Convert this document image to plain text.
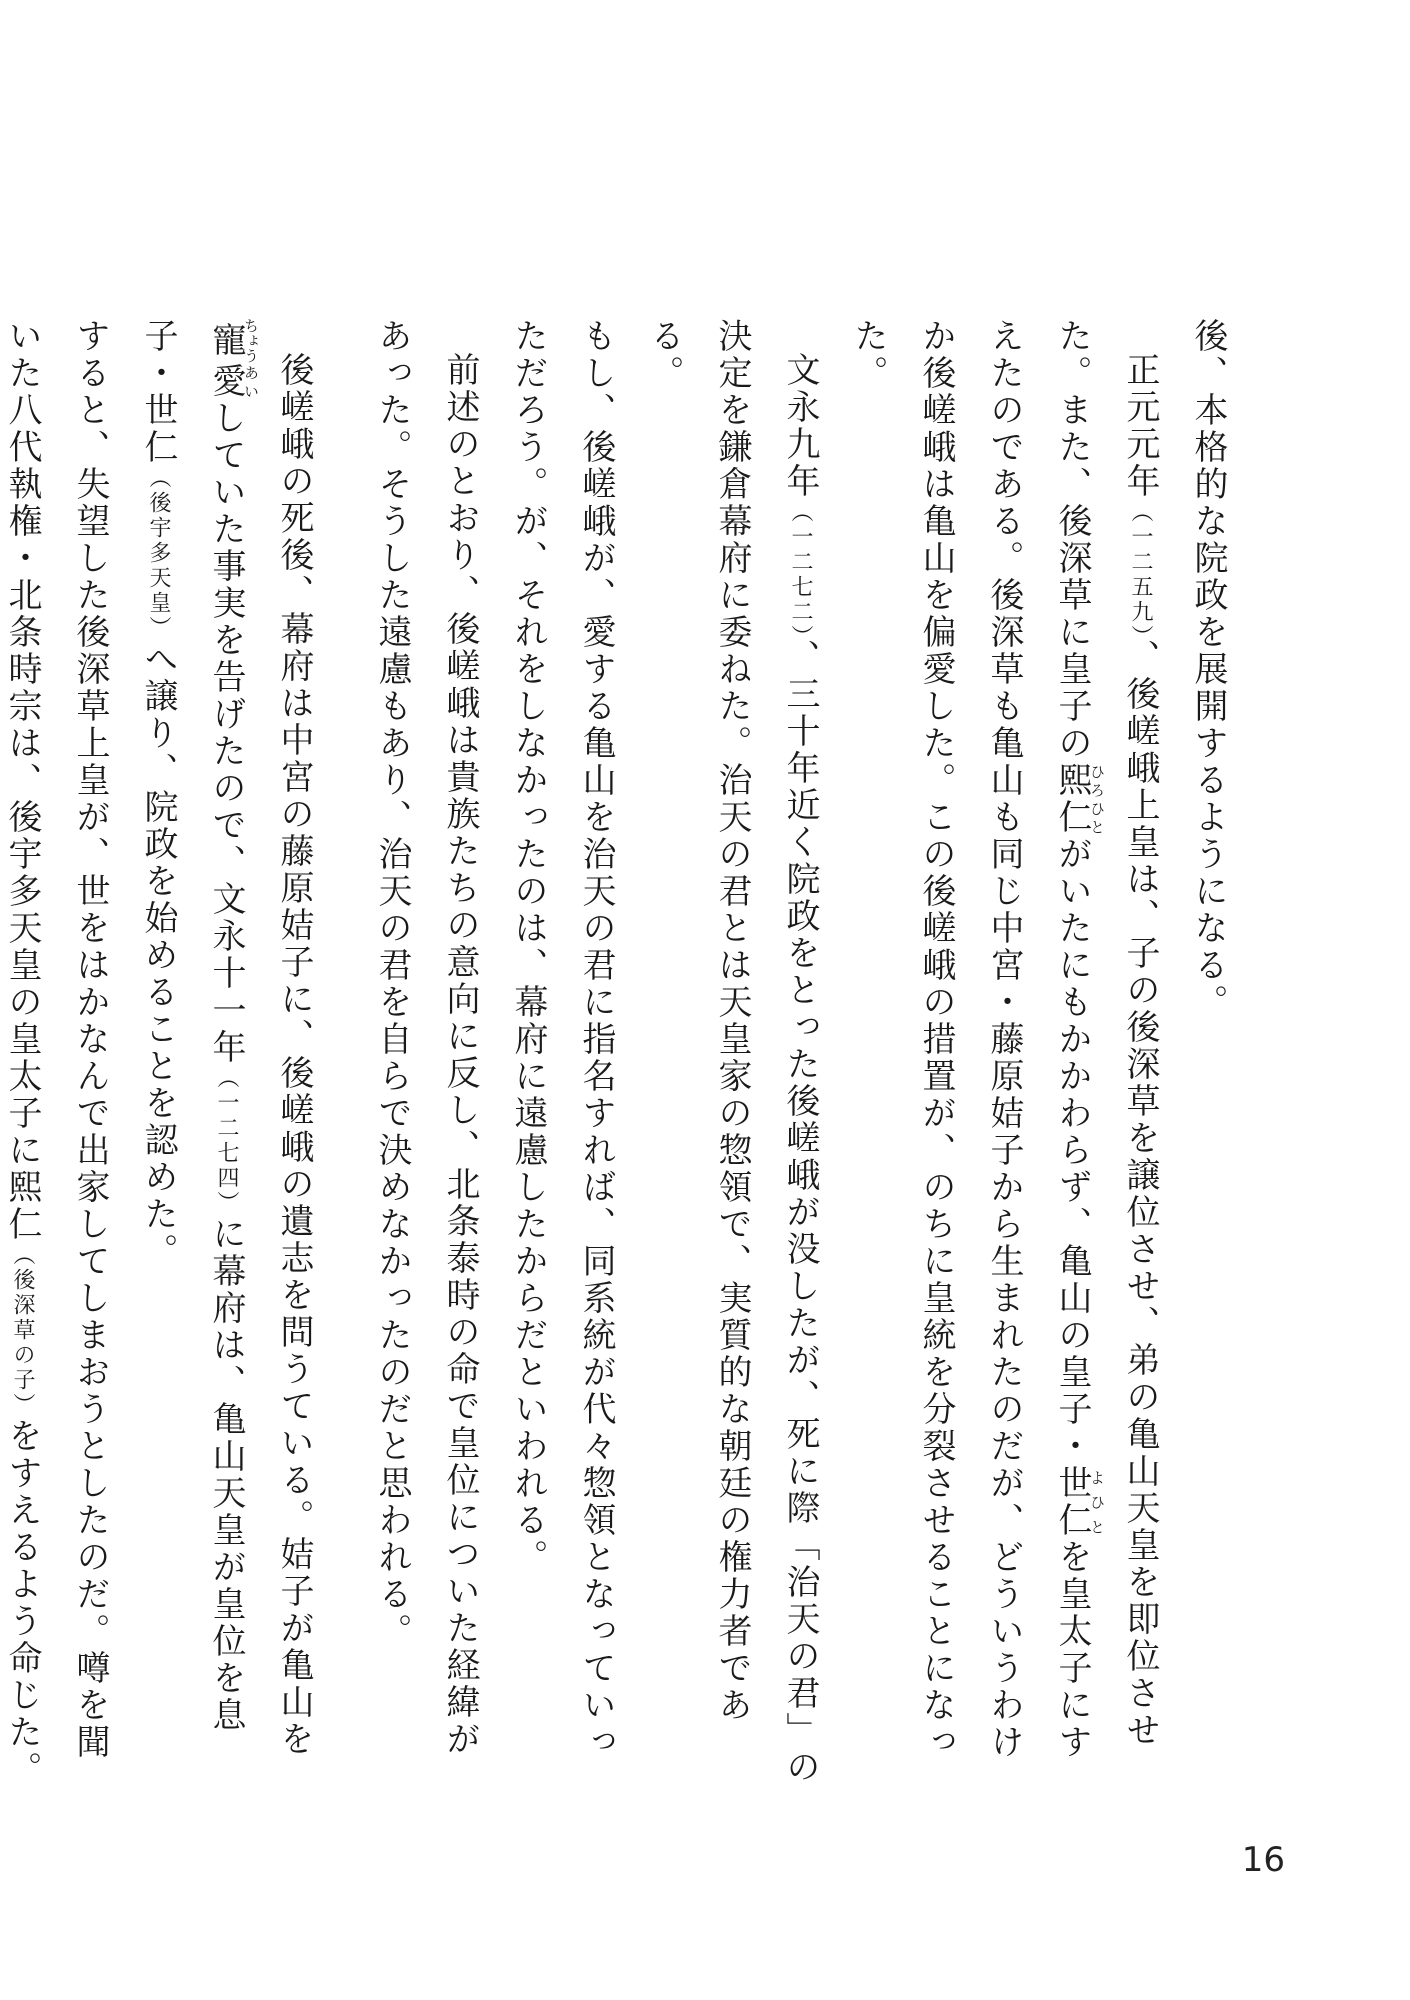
後、本格的な院政を展開するようになる。

正元元年（一二五九）、後嵯峨上皇は、子の後深草を譲位させ、弟の亀山天皇を即位させた。また、後深草に皇子の熙仁ひろひとがいたにもかかわらず、亀山の皇子・世仁よひとを皇太子にすえたのである。後深草も亀山も同じ中宮・藤原姞子から生まれたのだが、どういうわけか後嵯峨は亀山を偏愛した。この後嵯峨の措置が、のちに皇統を分裂させることになった。

文永九年（一二七二）、三十年近く院政をとった後嵯峨が没したが、死に際「治天の君」の決定を鎌倉幕府に委ねた。治天の君とは天皇家の惣領で、実質的な朝廷の権力者である。

もし、後嵯峨が、愛する亀山を治天の君に指名すれば、同系統が代々惣領となっていっただろう。が、それをしなかったのは、幕府に遠慮したからだといわれる。

前述のとおり、後嵯峨は貴族たちの意向に反し、北条泰時の命で皇位についた経緯があった。そうした遠慮もあり、治天の君を自らで決めなかったのだと思われる。

後嵯峨の死後、幕府は中宮の藤原姞子に、後嵯峨の遺志を問うている。姞子が亀山を寵ちょう愛あいしていた事実を告げたので、文永十一年（一二七四）に幕府は、亀山天皇が皇位を息子・世仁（後宇多天皇）へ譲り、院政を始めることを認めた。

すると、失望した後深草上皇が、世をはかなんで出家してしまおうとしたのだ。噂を聞いた八代執権・北条時宗は、後宇多天皇の皇太子に熙仁（後深草の子）をすえるよう命じた。

16
